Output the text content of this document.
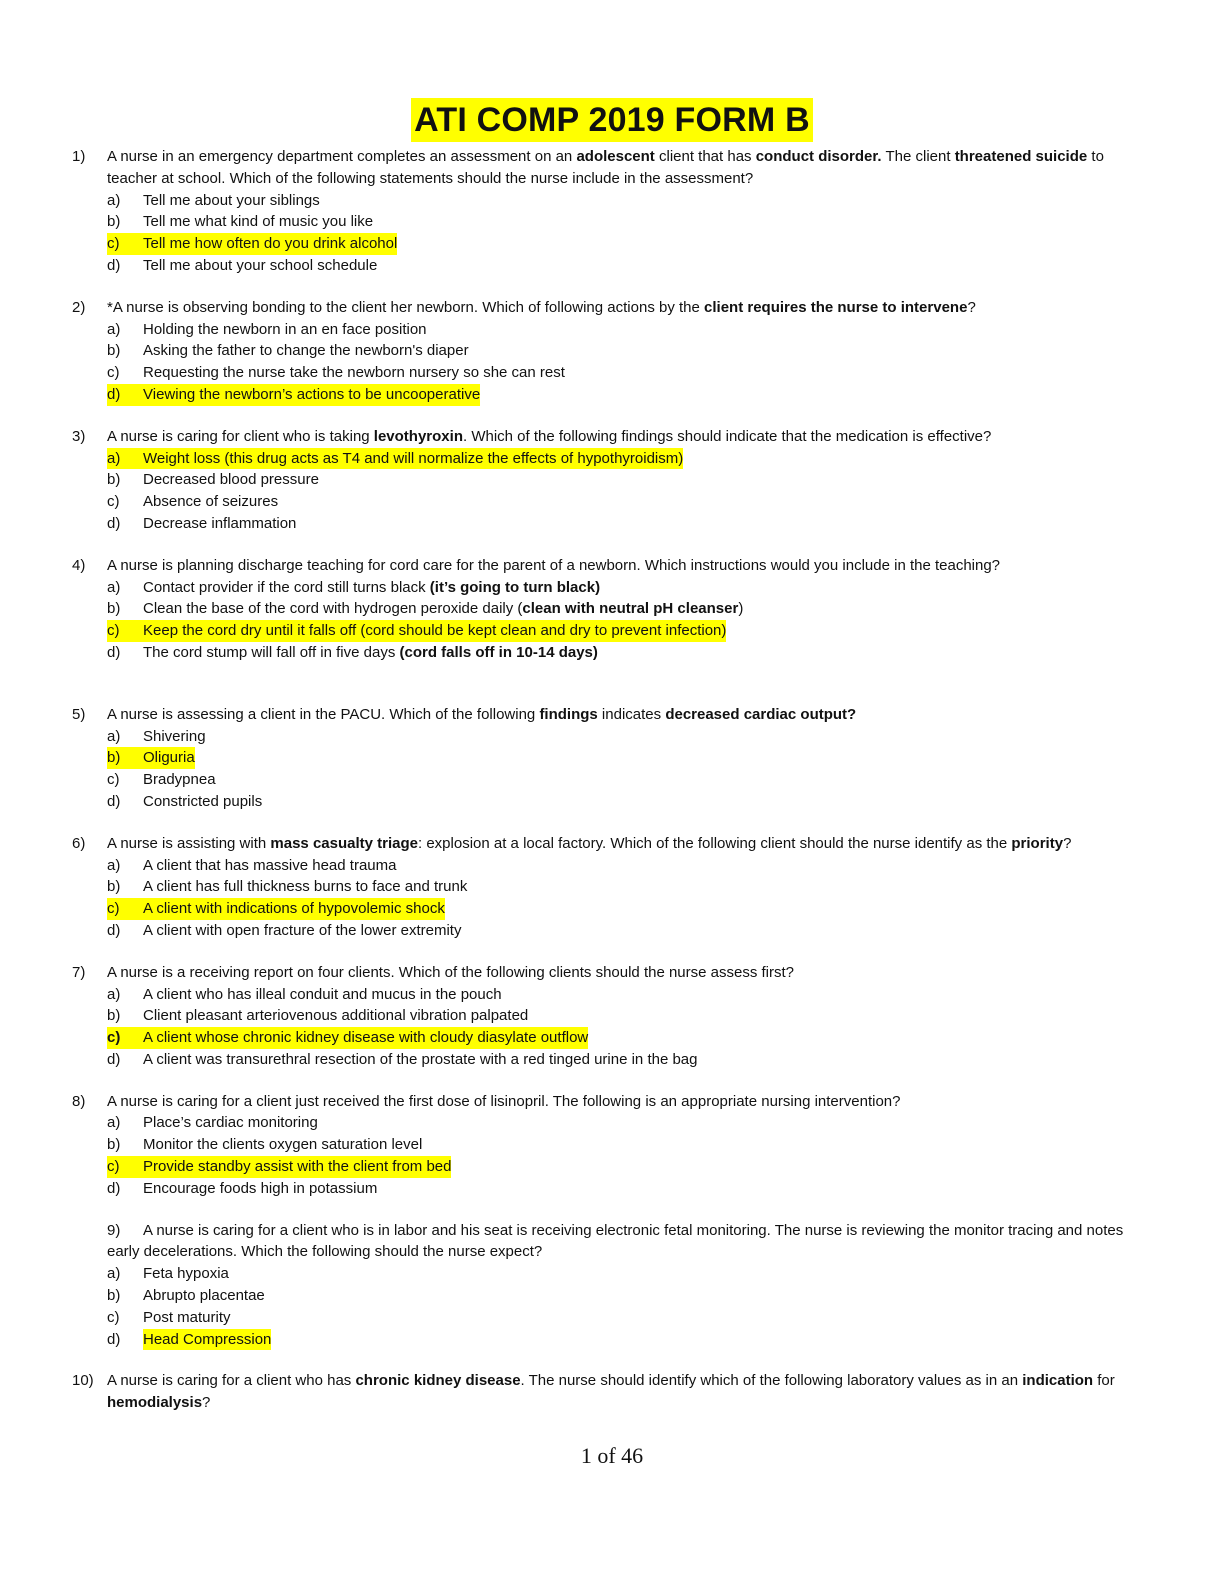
ATI COMP 2019 FORM B
1) A nurse in an emergency department completes an assessment on an adolescent client that has conduct disorder. The client threatened suicide to teacher at school. Which of the following statements should the nurse include in the assessment?
a) Tell me about your siblings
b) Tell me what kind of music you like
c) Tell me how often do you drink alcohol
d) Tell me about your school schedule
2) *A nurse is observing bonding to the client her newborn. Which of following actions by the client requires the nurse to intervene?
a) Holding the newborn in an en face position
b) Asking the father to change the newborn's diaper
c) Requesting the nurse take the newborn nursery so she can rest
d) Viewing the newborn’s actions to be uncooperative
3) A nurse is caring for client who is taking levothyroxin. Which of the following findings should indicate that the medication is effective?
a) Weight loss (this drug acts as T4 and will normalize the effects of hypothyroidism)
b) Decreased blood pressure
c) Absence of seizures
d) Decrease inflammation
4) A nurse is planning discharge teaching for cord care for the parent of a newborn. Which instructions would you include in the teaching?
a) Contact provider if the cord still turns black (it’s going to turn black)
b) Clean the base of the cord with hydrogen peroxide daily (clean with neutral pH cleanser)
c) Keep the cord dry until it falls off (cord should be kept clean and dry to prevent infection)
d) The cord stump will fall off in five days (cord falls off in 10-14 days)
5) A nurse is assessing a client in the PACU. Which of the following findings indicates decreased cardiac output?
a) Shivering
b) Oliguria
c) Bradypnea
d) Constricted pupils
6) A nurse is assisting with mass casualty triage: explosion at a local factory. Which of the following client should the nurse identify as the priority?
a) A client that has massive head trauma
b) A client has full thickness burns to face and trunk
c) A client with indications of hypovolemic shock
d) A client with open fracture of the lower extremity
7) A nurse is a receiving report on four clients. Which of the following clients should the nurse assess first?
a) A client who has illeal conduit and mucus in the pouch
b) Client pleasant arteriovenous additional vibration palpated
c) A client whose chronic kidney disease with cloudy diasylate outflow
d) A client was transurethral resection of the prostate with a red tinged urine in the bag
8) A nurse is caring for a client just received the first dose of lisinopril. The following is an appropriate nursing intervention?
a) Place’s cardiac monitoring
b) Monitor the clients oxygen saturation level
c) Provide standby assist with the client from bed
d) Encourage foods high in potassium
9) A nurse is caring for a client who is in labor and his seat is receiving electronic fetal monitoring. The nurse is reviewing the monitor tracing and notes early decelerations. Which the following should the nurse expect?
a) Feta hypoxia
b) Abrupto placentae
c) Post maturity
d) Head Compression
10) A nurse is caring for a client who has chronic kidney disease. The nurse should identify which of the following laboratory values as in an indication for hemodialysis?
1 of 46
